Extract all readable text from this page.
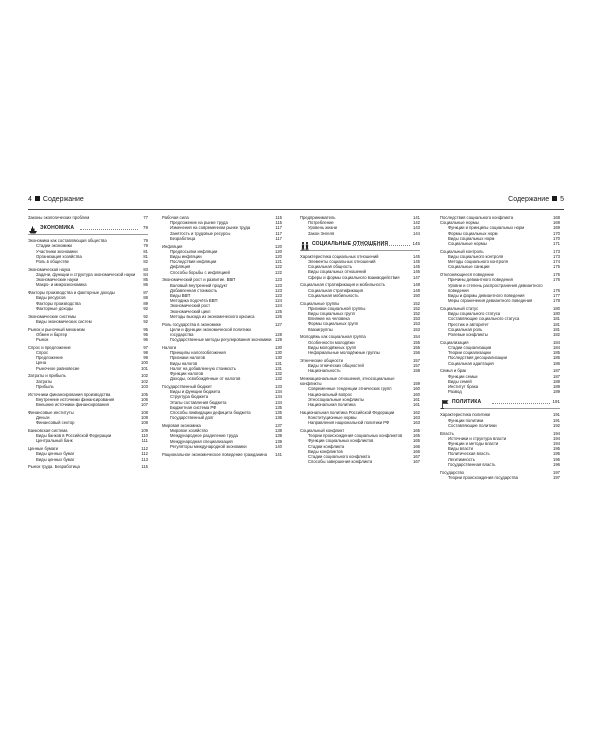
4 Содержание
Законы экологических проблем	77
ЭКОНОМИКА	79
Экономика как составляющая общества	79
Стадии экономики	79
Участники экономики	81
Организация хозяйства	81
Роль в обществе	82
Экономическая наука	83
Задачи, функции и структура экономической науки 84
Экономические науки	85
Макро- и микроэкономика	86
Факторы производства и факторные доходы	87
Виды ресурсов	88
Факторы производства	89
Факторные доходы	92
Экономические системы	92
Виды экономических систем	92
Рынок и рыночный механизм	95
Обмен и бартер	95
Рынок	96
Спрос и предложение	97
Спрос	98
Предложение	99
Цена	100
Рыночное равновесие	101
Затраты и прибыль	102
Затраты	102
Прибыль	103
Источники финансирования производства	105
Внутренние источники финансирования	106
Внешние источники финансирования	107
Финансовые институты	108
Деньги	108
Финансовый сектор	108
Банковская система	109
Виды банков в Российской Федерации	110
Центральный банк	111
Ценные бумаги	112
Виды ценных бумаг	112
Виды ценных бумаг	113
Рынок труда. Безработица	115
Рабочая сила	115
Предложение на рынке труда	115
Изменения на современном рынке труда	117
Занятость и трудовые ресурсы	117
Безработица	117
Инфляция	120
Предпосылки инфляции	120
Виды инфляции	120
Последствия инфляции	121
Дефляция	122
Способы борьбы с инфляцией	122
Экономический рост и развитие. ВВП	123
Валовый внутренний продукт	123
Добавленная стоимость	123
Виды ВВП	123
Методика подсчёта ВВП	124
Экономический рост	124
Экономический цикл	125
Методы выхода из экономического кризиса	126
Роль государства в экономике	127
Цели и функции экономической политики государства	128
Государственные методы регулирования экономики 129
Налоги	130
Принципы налогообложения	130
Признаки налогов	130
Виды налогов	131
Налог на добавленную стоимость	131
Функции налогов	132
Доходы, освобождённые от налогов	132
Государственный бюджет	133
Виды и функции бюджета	134
Структура бюджета	134
Этапы составления бюджета	134
Бюджетная система РФ	135
Способы ликвидации дефицита бюджета	135
Государственный долг	136
Мировая экономика	137
Мировое хозяйство	138
Международное разделение труда	139
Международная специализация	139
Регуляторы международной экономики	140
Рациональное экономическое поведение гражданина 141
Содержание 5
Предприниматель	141
Потребление	142
Уровень жизни	143
Закон Энгеля	144
СОЦИАЛЬНЫЕ ОТНОШЕНИЯ	145
Характеристика социальных отношений	145
Элементы социальных отношений	145
Социальная общность	145
Виды социальных отношений	146
Сферы и формы социального взаимодействия	147
Социальная стратификация и мобильность	148
Социальная стратификация	148
Социальная мобильность	150
Социальные группы	152
Признаки социальной группы	152
Виды социальных групп	152
Влияние на человека	153
Формы социальных групп	153
Квазигруппы	153
Молодёжь как социальная группа	154
Особенности молодёжи	155
Виды молодёжных групп	155
Неформальные молодёжные группы	156
Этнические общности	157
Виды этнических общностей	157
Национальность	158
Межнациональные отношения, этносоциальные конфликты	159
Современные тенденции этнических групп	160
Национальный вопрос	160
Этносоциальные конфликты	161
Национальная политика	161
Национальная политика Российской Федерации	162
Конституционные нормы	163
Направления национальной политики РФ	163
Социальный конфликт	165
Теории происхождения социальных конфликтов	165
Функции социальных конфликтов	165
Стадии конфликта	166
Виды конфликтов	166
Стадии социального конфликта	167
Способы завершения конфликта	167
Последствия социального конфликта	168
Социальные нормы	169
Функции и принципы социальных норм	169
Формы социальных норм	170
Виды социальных норм	170
Социальные нормы	171
Социальный контроль	173
Виды социального контроля	173
Методы социального контроля	174
Социальные санкции	175
Отклоняющееся поведение	176
Причины девиантного поведения	176
Уровни и степень распространения девиантного поведения	176
Виды и формы девиантного поведения	177
Меры ограничения девиантного поведения	178
Социальный статус	180
Виды социального статуса	180
Составляющие социального статуса	181
Престиж и авторитет	181
Социальная роль	181
Ролевые конфликты	182
Социализация	184
Стадии социализации	184
Теории социализации	185
Последствия десоциализации	185
Социальная адаптация	186
Семья и брак	187
Функции семьи	187
Виды семей	188
Институт брака	189
Развод	189
ПОЛИТИКА	191
Характеристика политики	191
Функции политики	191
Составляющие политики	192
Власть	194
Источники и структура власти	194
Функции и методы власти	194
Виды власти	195
Политическая власть	195
Легитимность	195
Государственная власть	196
Государство	197
Теории происхождения государства	197
